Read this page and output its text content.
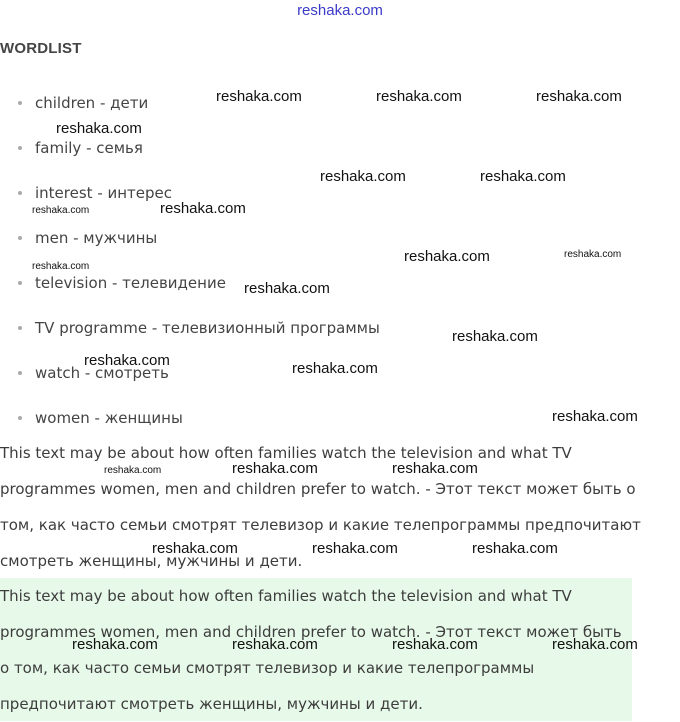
reshaka.com
WORDLIST
children - дети
family - семья
interest - интерес
men - мужчины
television - телевидение
TV programme - телевизионный программы
watch - смотреть
women - женщины

This text may be about how often families watch the television and what TV programmes women, men and children prefer to watch. - Этот текст может быть о том, как часто семьи смотрят телевизор и какие телепрограммы предпочитают смотреть женщины, мужчины и дети.

This text may be about how often families watch the television and what TV programmes women, men and children prefer to watch. - Этот текст может быть о том, как часто семьи смотрят телевизор и какие телепрограммы предпочитают смотреть женщины, мужчины и дети.

reshaka.com	reshaka.com	reshaka.com
reshaka.com
reshaka.com	reshaka.com
reshaka.com	reshaka.com
reshaka.com	reshaka.com
reshaka.com
reshaka.com
reshaka.com
reshaka.com	reshaka.com
reshaka.com
reshaka.com	reshaka.com	reshaka.com
reshaka.com	reshaka.com	reshaka.com
reshaka.com	reshaka.com	reshaka.com	reshaka.com
